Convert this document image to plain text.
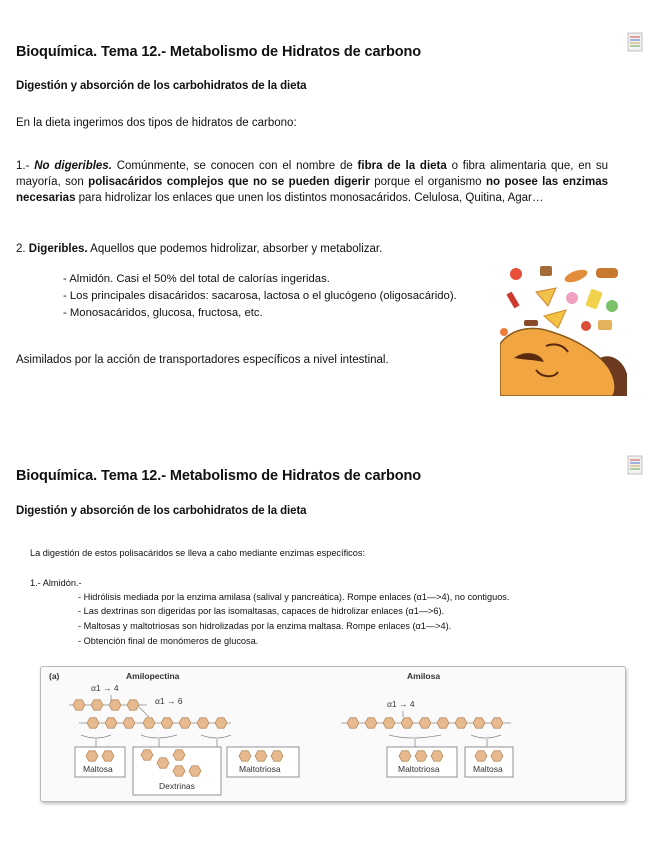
Bioquímica. Tema 12.- Metabolismo de Hidratos de carbono
Digestión y absorción de los carbohidratos de la dieta
En la dieta ingerimos dos tipos de hidratos de carbono:
1.- No digeribles. Comúnmente, se conocen con el nombre de fibra de la dieta o fibra alimentaria que, en su mayoría, son polisacáridos complejos que no se pueden digerir porque el organismo no posee las enzimas necesarias para hidrolizar los enlaces que unen los distintos monosacáridos. Celulosa, Quitina, Agar…
2. Digeribles. Aquellos que podemos hidrolizar, absorber y metabolizar.
- Almidón. Casi el 50% del total de calorías ingeridas.
- Los principales disacáridos: sacarosa, lactosa o el glucógeno (oligosacárido).
- Monosacáridos, glucosa, fructosa, etc.
Asimilados por la acción de transportadores específicos a nivel intestinal.
Bioquímica. Tema 12.- Metabolismo de Hidratos de carbono
Digestión y absorción de los carbohidratos de la dieta
La digestión de estos polisacáridos se lleva a cabo mediante enzimas específicos:
1.- Almidón.-
- Hidrólisis mediada por la enzima amilasa (salival y pancreática). Rompe enlaces (α1—>4), no contiguos.
- Las dextrinas son digeridas por las isomaltasas, capaces de hidrolizar enlaces (α1—>6).
- Maltosas y maltotriosas son hidrolizadas por la enzima maltasa. Rompe enlaces (α1—>4).
- Obtención final de monómeros de glucosa.
(a)	Amilopectina	Amilosa
α1 → 4
α1 → 6
Maltosa
Dextrinas
Maltotriosa
α1 → 4
Maltotriosa	Maltosa
